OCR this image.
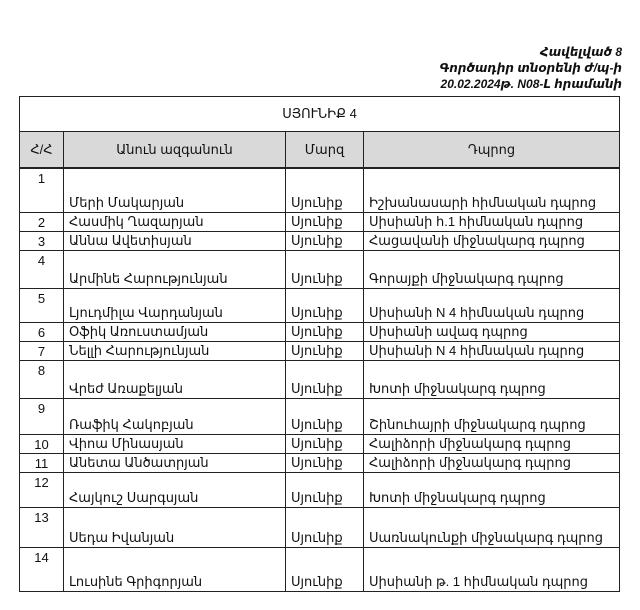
Հավելված 8
Գործադիր տնօրենի ժ/պ-ի
20.02.2024թ. N08-Լ հրամանի
ՍՅՈՒՆԻՔ 4			
Հ/Հ	Անուն ազգանուն	Մարզ	Դպրոց
1	Մերի Մակարյան	Սյունիք	Իշխանասարի հիմնական դպրոց
2	Հասմիկ Ղազարյան	Սյունիք	Սիսիանի հ.1 հիմնական դպրոց
3	Աննա Ավետիսյան	Սյունիք	Հացավանի միջնակարգ դպրոց
4	Արմինե Հարությունյան	Սյունիք	Գորայքի միջնակարգ դպրոց
5	Լյուդմիլա Վարդանյան	Սյունիք	Սիսիանի N 4 հիմնական դպրոց
6	Օֆիկ Առուստամյան	Սյունիք	Սիսիանի ավագ դպրոց
7	Նելլի Հարությունյան	Սյունիք	Սիսիանի N 4 հիմնական դպրոց
8	Վրեժ Առաքելյան	Սյունիք	Խոտի միջնակարգ դպրոց
9	Ռաֆիկ Հակոբյան	Սյունիք	Շինուհայրի միջնակարգ դպրոց
10	Վիոա Մինասյան	Սյունիք	Հալիձորի միջնակարգ դպրոց
11	Անետա Անծատրյան	Սյունիք	Հալիձորի միջնակարգ դպրոց
12	Հայկուշ Սարգսյան	Սյունիք	Խոտի միջնակարգ դպրոց
13	Սեդա Իվանյան	Սյունիք	Սառնակունքի միջնակարգ դպրոց
14	Լուսինե Գրիգորյան	Սյունիք	Սիսիանի թ. 1 հիմնական դպրոց
